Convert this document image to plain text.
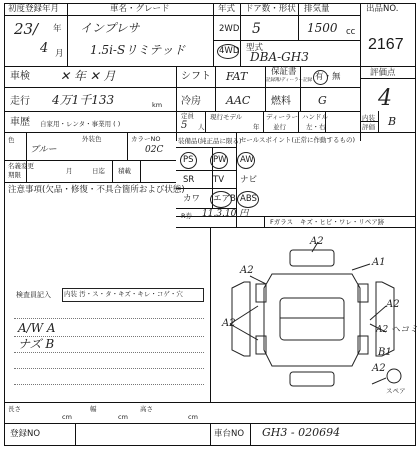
初度登録年月	車名・グレード	年式 ドア数・形状 排気量	出品NO.
23 / 年
4 月
インプレサ
1.5i-Sリミテッド
2WD
4WD
5	1500 cc
型式
DBA-GH3
2167
車検	✕ 年 ✕ 月	シフト FAT	保証書
記録簿/ディーラー記録 有・無	評価点
4
走行 4万1千133	km 冷房 AAC 燃料 G
車歴 自家用・レンタ・事業用 ( )
定員
5 人
現行モデル
年
ディーラー
並行
ハンドル
左・右
内装評価 B
色	外装色
ブルー
カラーNO
02C
装備品(純正品に限る)
セールスポイント(正常に作動するもの)
PS PW AW
SR TV ナビ
カワ エアB ABS
R券 11.3.10 円
Fガラス キズ・ヒビ・ワレ・リペア跡
名義変更
期限	月	日迄 積載
注意事項(欠品・修復・不具合箇所および状態)
検査員記入 内装 汚・ス・タ・キズ・キレ・コゲ・穴
A/W A
ナズ B
A2
A2
A1
A2
A2
A2 ヘコミ
B1
A2
スペア
長さ
cm
幅
cm
高さ
cm
登録NO	車台NO GH3 - 020694
